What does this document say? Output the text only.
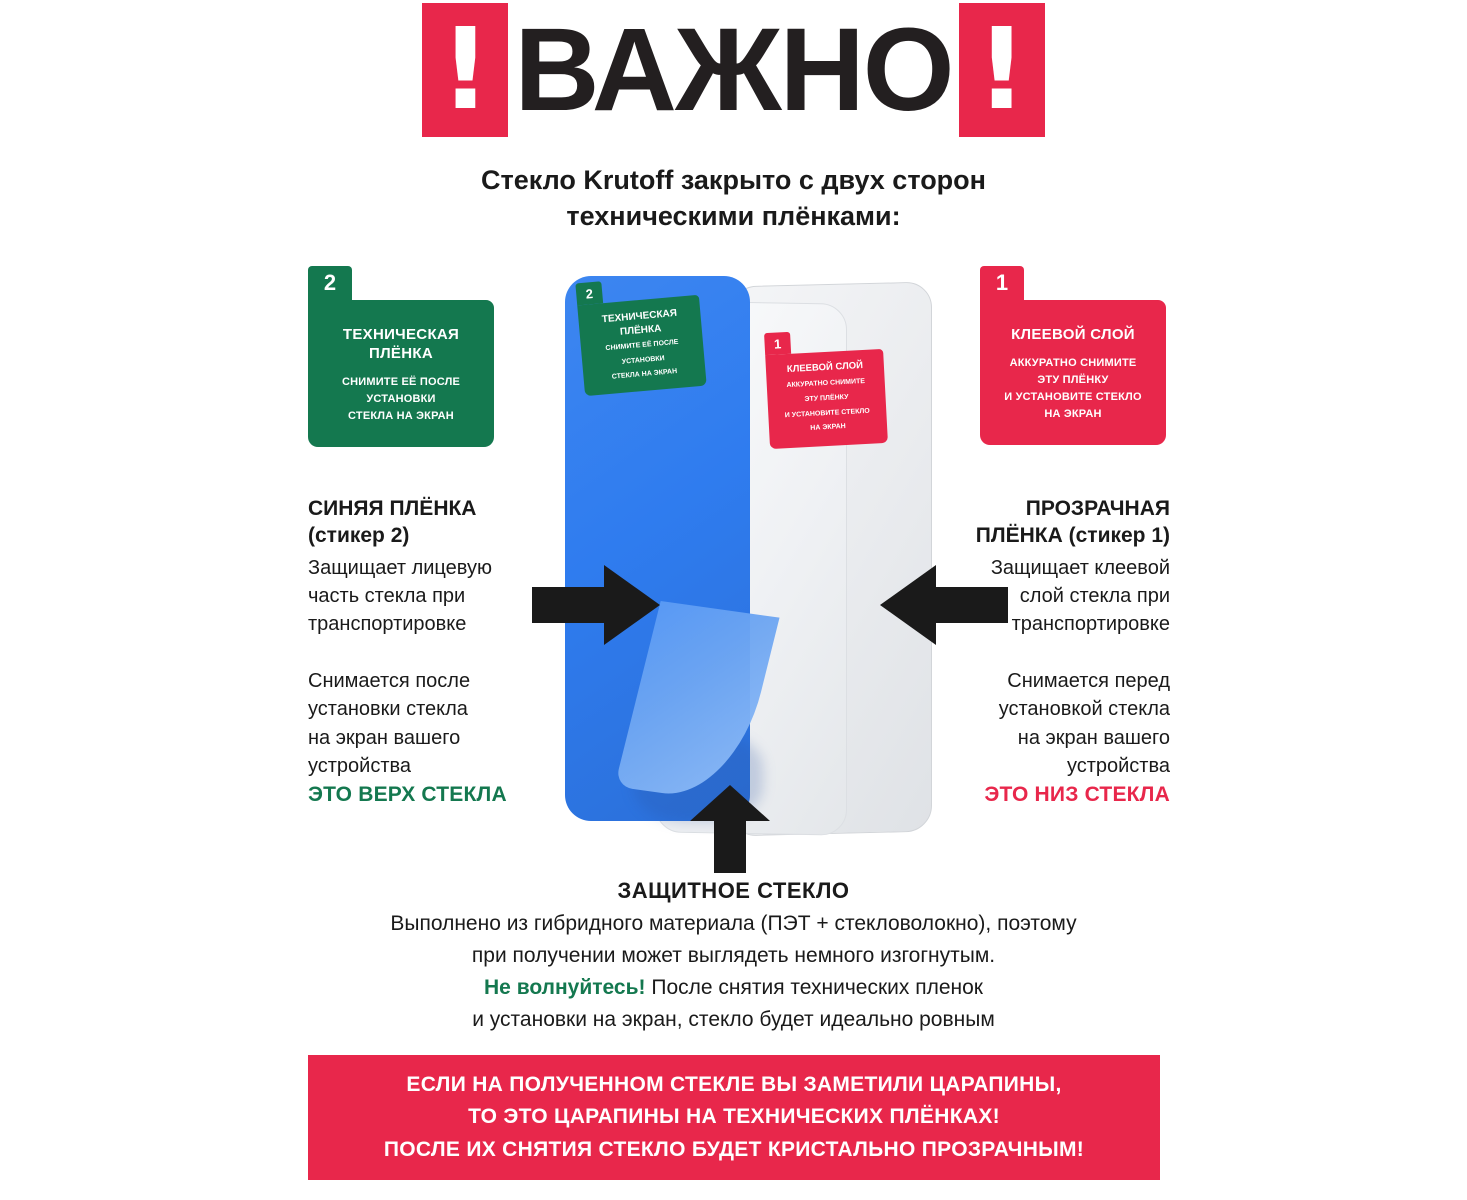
! ВАЖНО !
Стекло Krutoff закрыто с двух сторон
техническими плёнками:
2
ТЕХНИЧЕСКАЯ
ПЛЁНКА
СНИМИТЕ ЕЁ ПОСЛЕ
УСТАНОВКИ
СТЕКЛА НА ЭКРАН
1
КЛЕЕВОЙ СЛОЙ
АККУРАТНО СНИМИТЕ
ЭТУ ПЛЁНКУ
И УСТАНОВИТЕ СТЕКЛО
НА ЭКРАН
2
ТЕХНИЧЕСКАЯ
ПЛЁНКА
СНИМИТЕ ЕЁ ПОСЛЕ
УСТАНОВКИ
СТЕКЛА НА ЭКРАН
1
КЛЕЕВОЙ СЛОЙ
АККУРАТНО СНИМИТЕ
ЭТУ ПЛЁНКУ
И УСТАНОВИТЕ СТЕКЛО
НА ЭКРАН
СИНЯЯ ПЛЁНКА
(стикер 2)
Защищает лицевую
часть стекла при
транспортировке
Снимается после
установки стекла
на экран вашего
устройства
ЭТО ВЕРХ СТЕКЛА
ПРОЗРАЧНАЯ
ПЛЁНКА (стикер 1)
Защищает клеевой
слой стекла при
транспортировке
Снимается перед
установкой стекла
на экран вашего
устройства
ЭТО НИЗ СТЕКЛА
ЗАЩИТНОЕ СТЕКЛО
Выполнено из гибридного материала (ПЭТ + стекловолокно), поэтому
при получении может выглядеть немного изгогнутым.
Не волнуйтесь! После снятия технических пленок
и установки на экран, стекло будет идеально ровным
ЕСЛИ НА ПОЛУЧЕННОМ СТЕКЛЕ ВЫ ЗАМЕТИЛИ ЦАРАПИНЫ,
ТО ЭТО ЦАРАПИНЫ НА ТЕХНИЧЕСКИХ ПЛЁНКАХ!
ПОСЛЕ ИХ СНЯТИЯ СТЕКЛО БУДЕТ КРИСТАЛЬНО ПРОЗРАЧНЫМ!
